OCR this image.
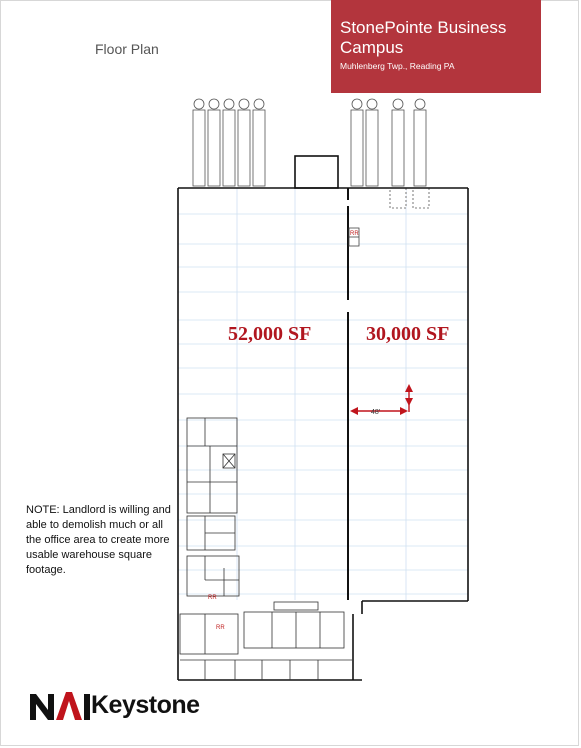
Floor Plan
StonePointe Business Campus
Muhlenberg Twp., Reading PA
RR
RR
RR
52,000 SF	30,000 SF
48'
NOTE: Landlord is willing and able to demolish much or all the office area to create more usable warehouse square footage.
Keystone
